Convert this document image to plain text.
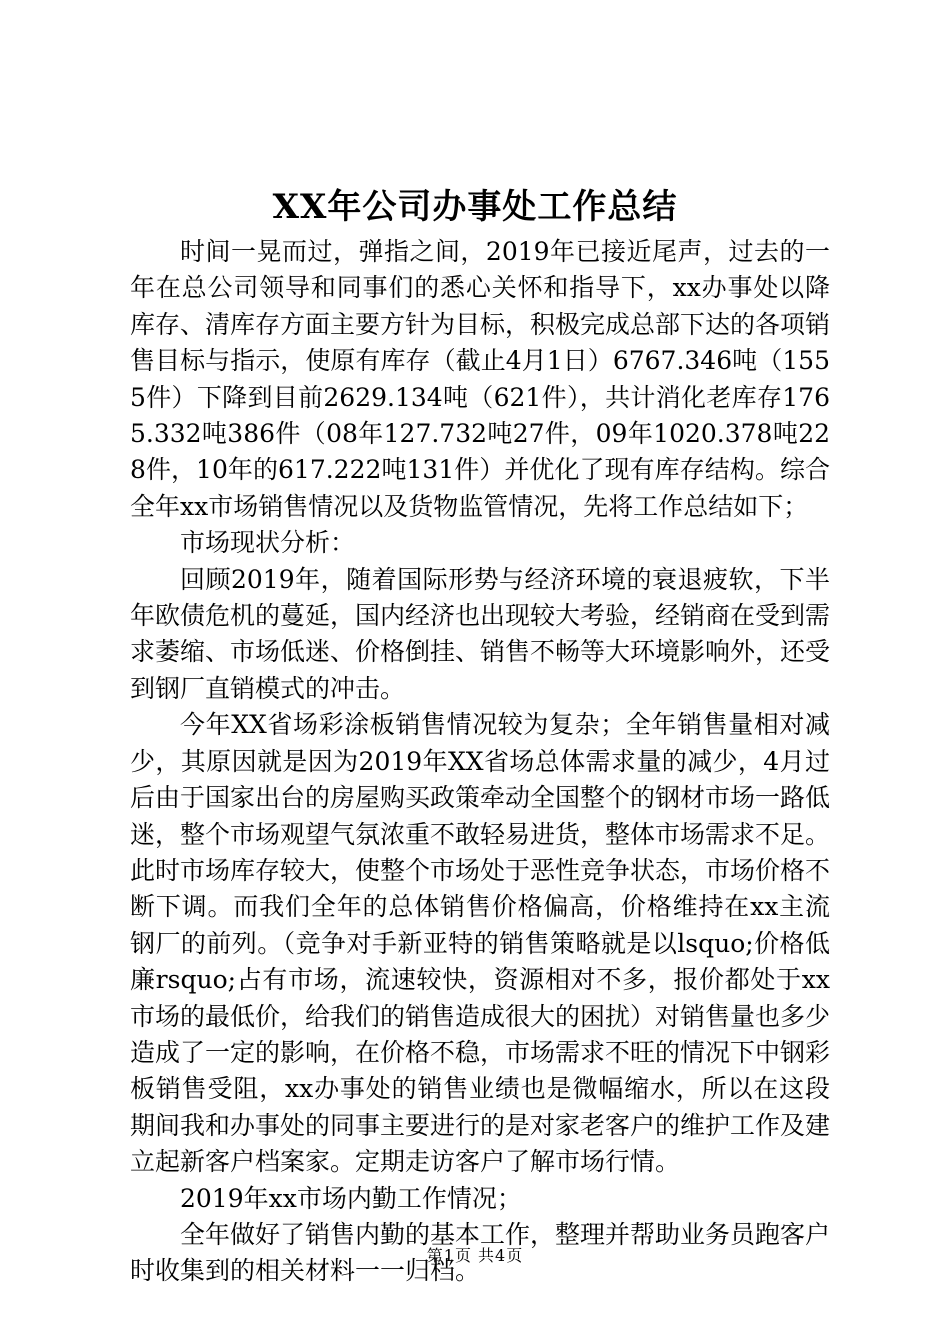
XX年公司办事处工作总结

时间一晃而过，弹指之间，2019年已接近尾声，过去的一年在总公司领导和同事们的悉心关怀和指导下，xx办事处以降库存、清库存方面主要方针为目标，积极完成总部下达的各项销售目标与指示，使原有库存（截止4月1日）6767.346吨（1555件）下降到目前2629.134吨（621件），共计消化老库存1765.332吨386件（08年127.732吨27件，09年1020.378吨228件，10年的617.222吨131件）并优化了现有库存结构。综合全年xx市场销售情况以及货物监管情况，先将工作总结如下；

市场现状分析：

回顾2019年，随着国际形势与经济环境的衰退疲软，下半年欧债危机的蔓延，国内经济也出现较大考验，经销商在受到需求萎缩、市场低迷、价格倒挂、销售不畅等大环境影响外，还受到钢厂直销模式的冲击。

今年XX省场彩涂板销售情况较为复杂；全年销售量相对减少，其原因就是因为2019年XX省场总体需求量的减少，4月过后由于国家出台的房屋购买政策牵动全国整个的钢材市场一路低迷，整个市场观望气氛浓重不敢轻易进货，整体市场需求不足。此时市场库存较大，使整个市场处于恶性竞争状态，市场价格不断下调。而我们全年的总体销售价格偏高，价格维持在xx主流钢厂的前列。（竞争对手新亚特的销售策略就是以lsquo;价格低廉rsquo;占有市场，流速较快，资源相对不多，报价都处于xx市场的最低价，给我们的销售造成很大的困扰）对销售量也多少造成了一定的影响，在价格不稳，市场需求不旺的情况下中钢彩板销售受阻，xx办事处的销售业绩也是微幅缩水，所以在这段期间我和办事处的同事主要进行的是对家老客户的维护工作及建立起新客户档案家。定期走访客户了解市场行情。

2019年xx市场内勤工作情况；

全年做好了销售内勤的基本工作，整理并帮助业务员跑客户时收集到的相关材料一一归档。

第1页 共4页
